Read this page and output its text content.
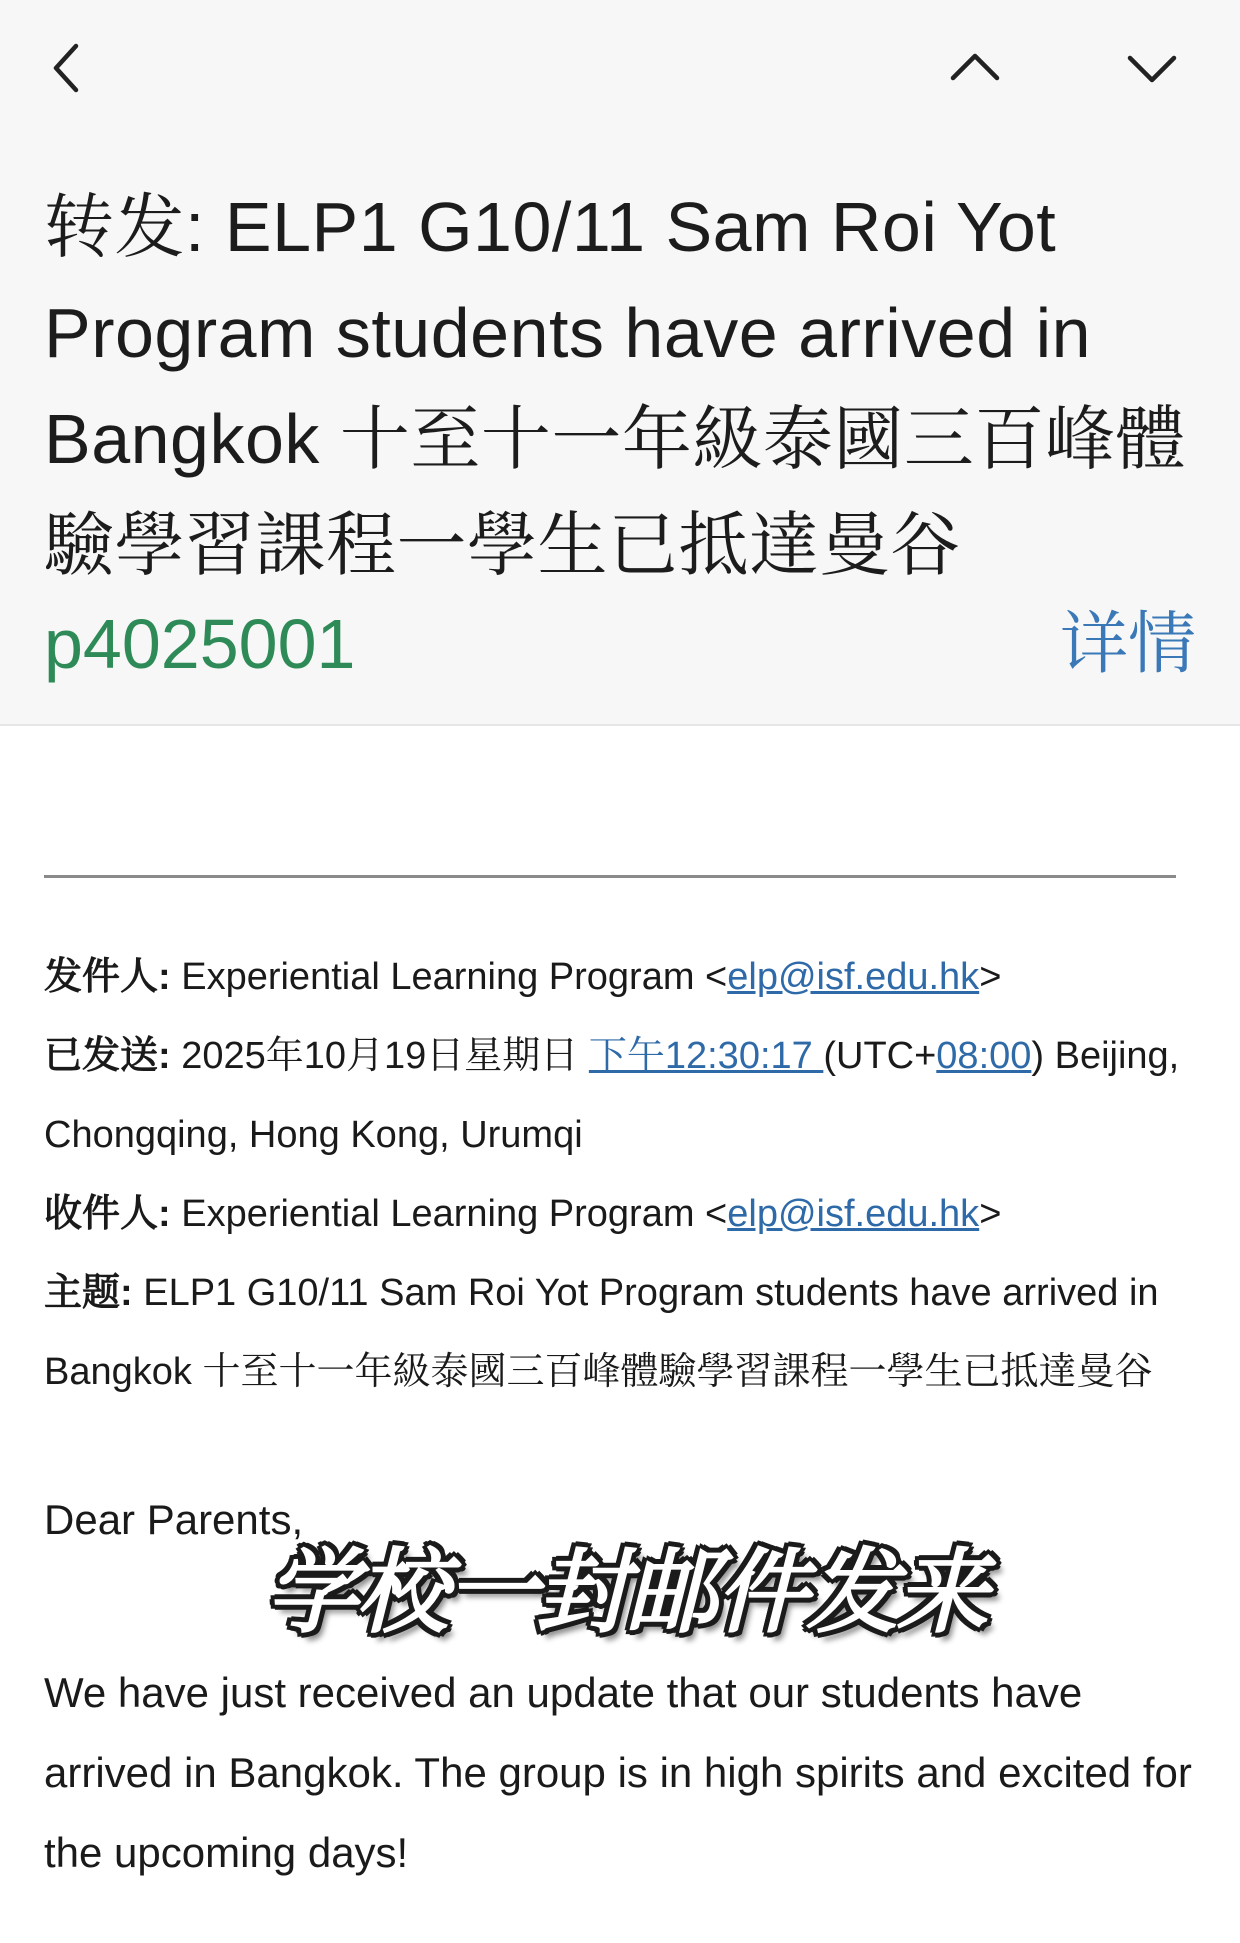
转发: ELP1 G10/11 Sam Roi Yot Program students have arrived in Bangkok 十至十一年級泰國三百峰體驗學習課程一學生已抵達曼谷
p4025001	详情

发件人: Experiential Learning Program <elp@isf.edu.hk>

已发送: 2025年10月19日星期日 下午12:30:17 (UTC+08:00) Beijing, Chongqing, Hong Kong, Urumqi

收件人: Experiential Learning Program <elp@isf.edu.hk>

主题: ELP1 G10/11 Sam Roi Yot Program students have arrived in Bangkok 十至十一年級泰國三百峰體驗學習課程一學生已抵達曼谷

Dear Parents,

We have just received an update that our students have arrived in Bangkok. The group is in high spirits and excited for the upcoming days!

学校一封邮件发来
